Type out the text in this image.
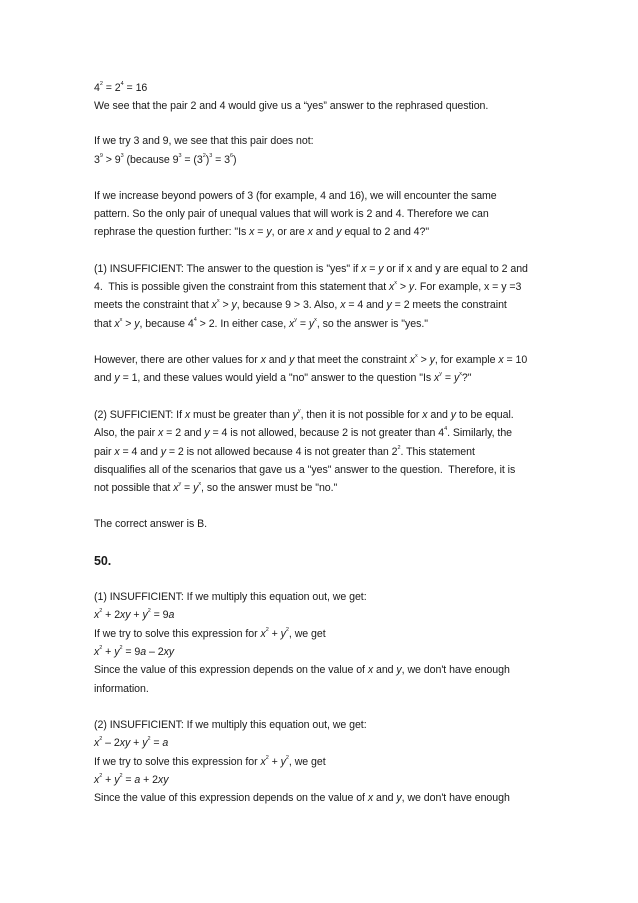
$4^2 = 2^4 = 16$
We see that the pair 2 and 4 would give us a “yes” answer to the rephrased question.
If we try 3 and 9, we see that this pair does not:
$3^9 > 9^3$ (because $9^3 = (3^2)^3 = 3^6$)
If we increase beyond powers of 3 (for example, 4 and 16), we will encounter the same
pattern. So the only pair of unequal values that will work is 2 and 4. Therefore we can
rephrase the question further: "Is x = y, or are x and y equal to 2 and 4?"
(1) INSUFFICIENT: The answer to the question is "yes" if x = y or if x and y are equal to 2 and
4.  This is possible given the constraint from this statement that $x^x > y$. For example, x = y =3
meets the constraint that $x^x > y$, because 9 > 3. Also, x = 4 and y = 2 meets the constraint
that $x^x > y$, because $4^4 > 2$. In either case, $x^y = y^x$, so the answer is "yes."
However, there are other values for x and y that meet the constraint $x^x > y$, for example x = 10
and y = 1, and these values would yield a "no" answer to the question "Is $x^y = y^x$?"
(2) SUFFICIENT: If x must be greater than $y^y$, then it is not possible for x and y to be equal.
Also, the pair x = 2 and y = 4 is not allowed, because 2 is not greater than $4^4$. Similarly, the
pair x = 4 and y = 2 is not allowed because 4 is not greater than $2^2$. This statement
disqualifies all of the scenarios that gave us a "yes" answer to the question.  Therefore, it is
not possible that $x^y = y^x$, so the answer must be "no."
The correct answer is B.
50.
(1) INSUFFICIENT: If we multiply this equation out, we get:
$x^2 + 2xy + y^2 = 9a$
If we try to solve this expression for $x^2 + y^2$, we get
$x^2 + y^2 = 9a - 2xy$
Since the value of this expression depends on the value of x and y, we don't have enough
information.
(2) INSUFFICIENT: If we multiply this equation out, we get:
$x^2 - 2xy + y^2 = a$
If we try to solve this expression for $x^2 + y^2$, we get
$x^2 + y^2 = a + 2xy$
Since the value of this expression depends on the value of x and y, we don't have enough
